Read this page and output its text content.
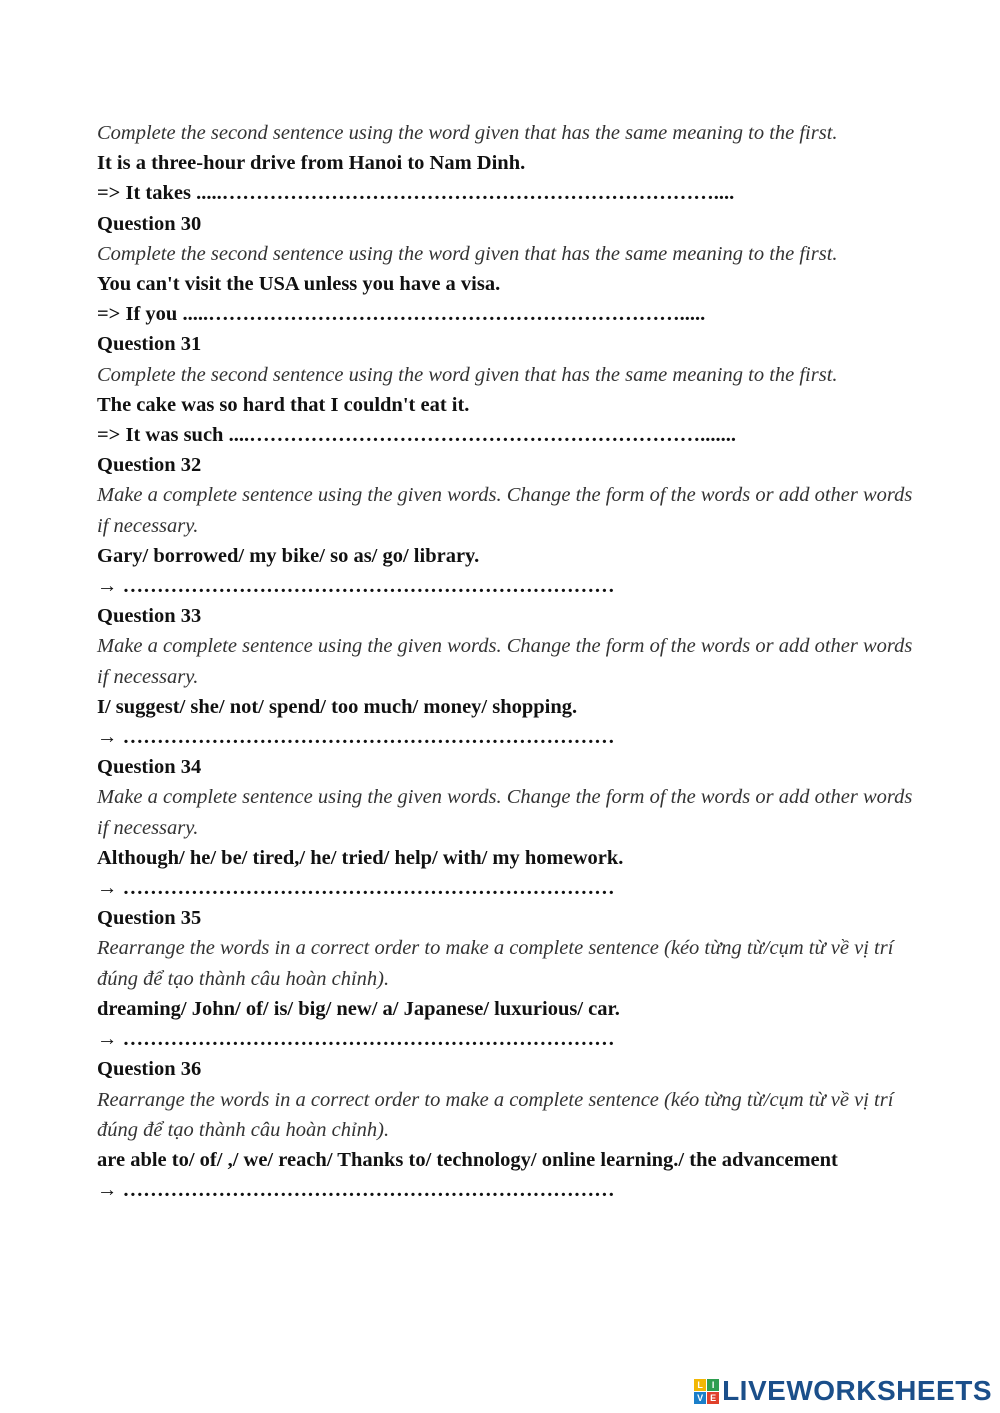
Complete the second sentence using the word given that has the same meaning to the first.
It is a three-hour drive from Hanoi to Nam Dinh.
=> It takes .....………………………………………………………………....
Question 30
Complete the second sentence using the word given that has the same meaning to the first.
You can't visit the USA unless you have a visa.
=> If you .....…………………………………………………………….....
Question 31
Complete the second sentence using the word given that has the same meaning to the first.
The cake was so hard that I couldn't eat it.
=> It was such ....………………………………………………………….......
Question 32
Make a complete sentence using the given words. Change the form of the words or add other words if necessary.
Gary/ borrowed/ my bike/ so as/ go/ library.
→ ………………………………………………………………
Question 33
Make a complete sentence using the given words. Change the form of the words or add other words if necessary.
I/ suggest/ she/ not/ spend/ too much/ money/ shopping.
→ ………………………………………………………………
Question 34
Make a complete sentence using the given words. Change the form of the words or add other words if necessary.
Although/ he/ be/ tired,/ he/ tried/ help/ with/ my homework.
→ ………………………………………………………………
Question 35
Rearrange the words in a correct order to make a complete sentence (kéo từng từ/cụm từ về vị trí đúng để tạo thành câu hoàn chỉnh).
dreaming/ John/ of/ is/ big/ new/ a/ Japanese/ luxurious/ car.
→ ………………………………………………………………
Question 36
Rearrange the words in a correct order to make a complete sentence (kéo từng từ/cụm từ về vị trí đúng để tạo thành câu hoàn chỉnh).
are able to/ of/ ,/ we/ reach/ Thanks to/ technology/ online learning./ the advancement
→ ………………………………………………………………
L I
V E LIVEWORKSHEETS
